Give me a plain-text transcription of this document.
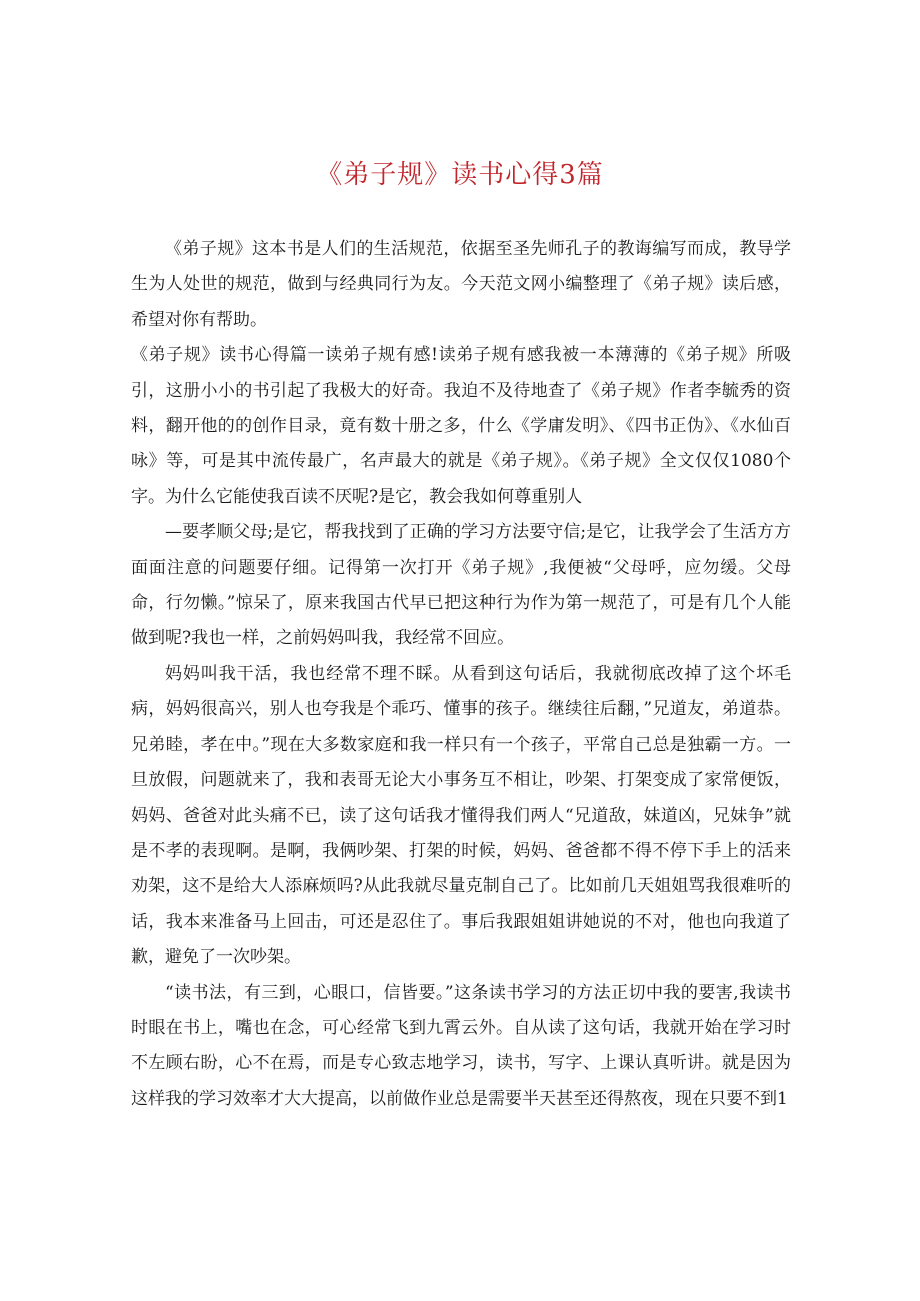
《弟子规》读书心得3篇

《弟子规》这本书是人们的生活规范，依据至圣先师孔子的教诲编写而成，教导学生为人处世的规范，做到与经典同行为友。今天范文网小编整理了《弟子规》读后感，希望对你有帮助。

《弟子规》读书心得篇一读弟子规有感!读弟子规有感我被一本薄薄的《弟子规》所吸引，这册小小的书引起了我极大的好奇。我迫不及待地查了《弟子规》作者李毓秀的资料，翻开他的的创作目录，竟有数十册之多，什么《学庸发明》、《四书正伪》、《水仙百咏》等，可是其中流传最广，名声最大的就是《弟子规》。《弟子规》全文仅仅1080个字。为什么它能使我百读不厌呢?是它，教会我如何尊重别人

—要孝顺父母;是它，帮我找到了正确的学习方法要守信;是它，让我学会了生活方方面面注意的问题要仔细。记得第一次打开《弟子规》,我便被“父母呼，应勿缓。父母命，行勿懒。”惊呆了，原来我国古代早已把这种行为作为第一规范了，可是有几个人能做到呢?我也一样，之前妈妈叫我，我经常不回应。

妈妈叫我干活，我也经常不理不睬。从看到这句话后，我就彻底改掉了这个坏毛病，妈妈很高兴，别人也夸我是个乖巧、懂事的孩子。继续往后翻，”兄道友，弟道恭。兄弟睦，孝在中。”现在大多数家庭和我一样只有一个孩子，平常自己总是独霸一方。一旦放假，问题就来了，我和表哥无论大小事务互不相让，吵架、打架变成了家常便饭，妈妈、爸爸对此头痛不已，读了这句话我才懂得我们两人“兄道敌，妹道凶，兄妹争”就是不孝的表现啊。是啊，我俩吵架、打架的时候，妈妈、爸爸都不得不停下手上的活来劝架，这不是给大人添麻烦吗?从此我就尽量克制自己了。比如前几天姐姐骂我很难听的话，我本来准备马上回击，可还是忍住了。事后我跟姐姐讲她说的不对，他也向我道了歉，避免了一次吵架。

“读书法，有三到，心眼口，信皆要。”这条读书学习的方法正切中我的要害,我读书时眼在书上，嘴也在念，可心经常飞到九霄云外。自从读了这句话，我就开始在学习时不左顾右盼，心不在焉，而是专心致志地学习，读书，写字、上课认真听讲。就是因为这样我的学习效率才大大提高，以前做作业总是需要半天甚至还得熬夜，现在只要不到1
